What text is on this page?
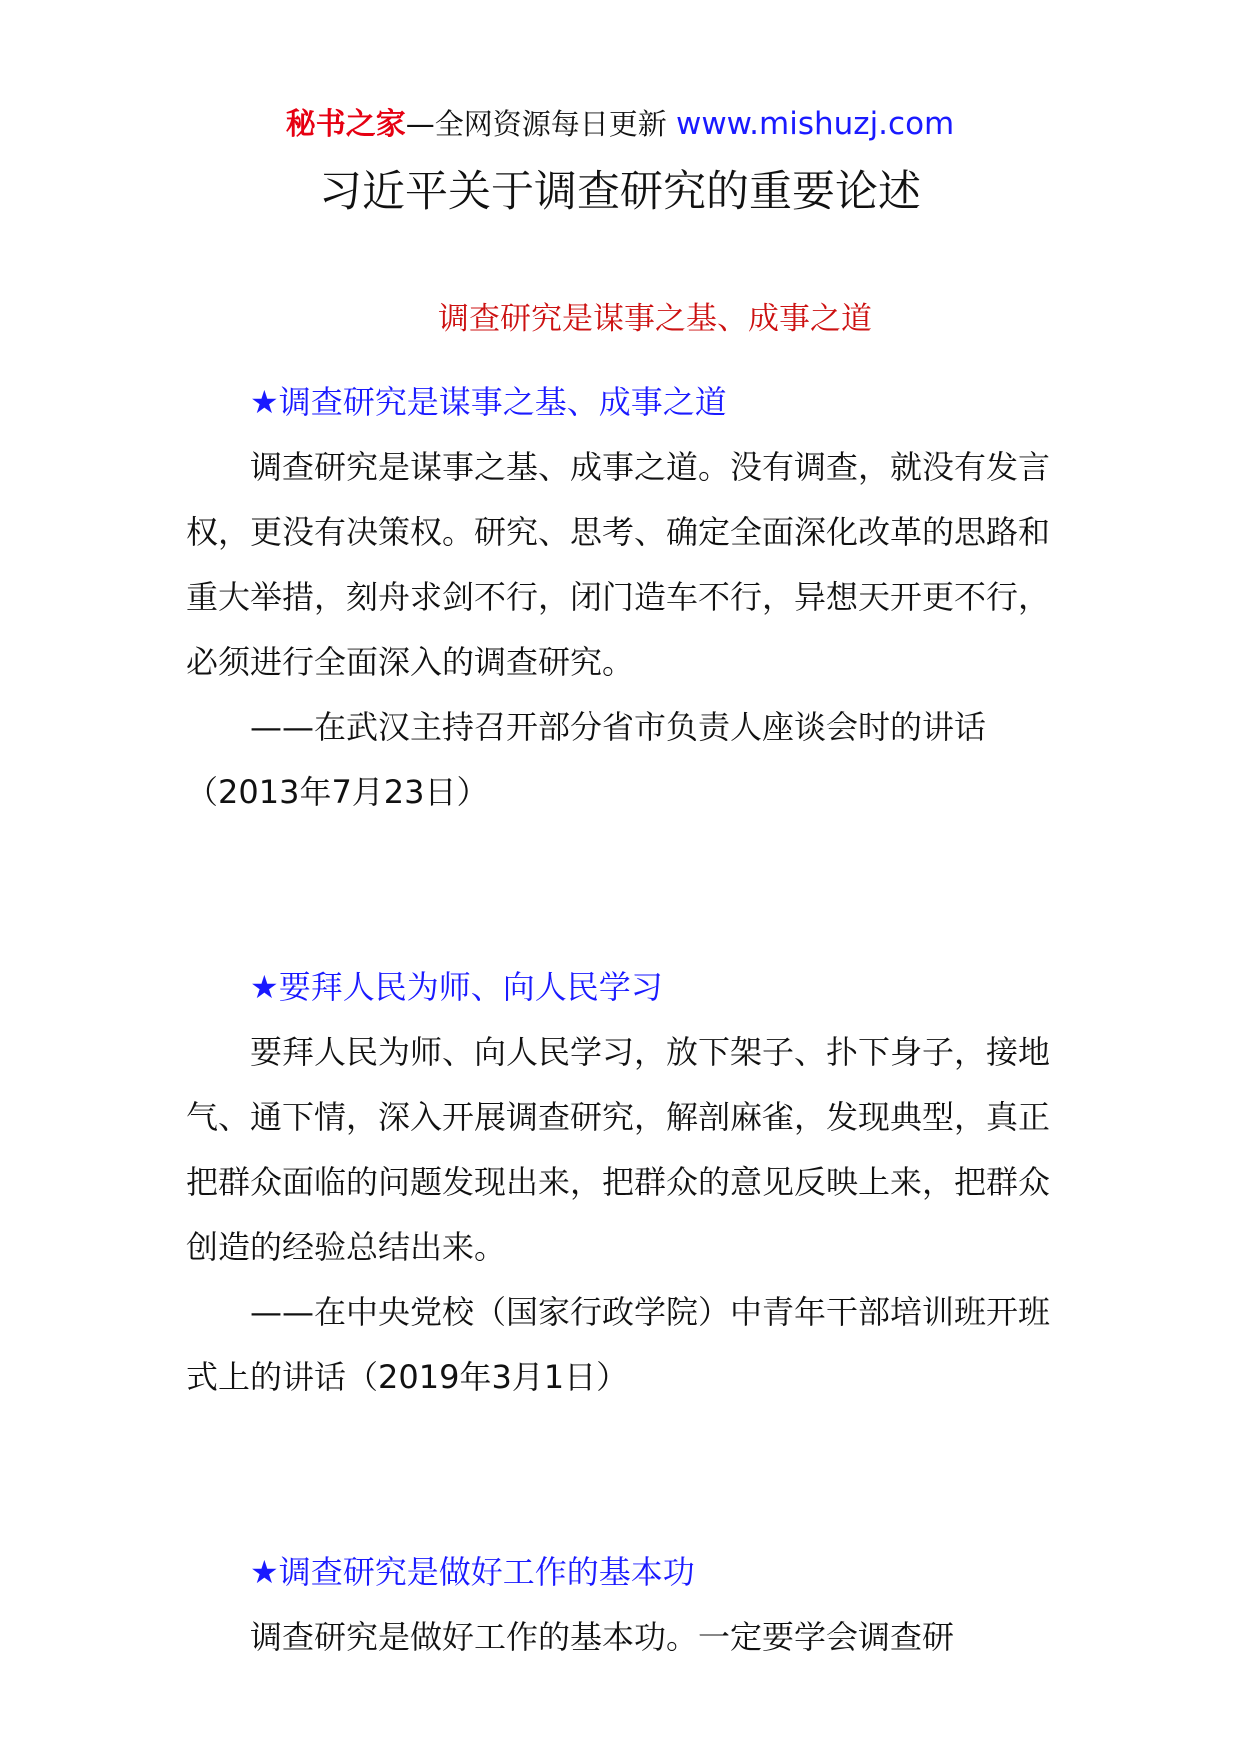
秘书之家—全网资源每日更新 www.mishuzj.com
习近平关于调查研究的重要论述
调查研究是谋事之基、成事之道

★调查研究是谋事之基、成事之道

调查研究是谋事之基、成事之道。没有调查，就没有发言权，更没有决策权。研究、思考、确定全面深化改革的思路和重大举措，刻舟求剑不行，闭门造车不行，异想天开更不行，必须进行全面深入的调查研究。

——在武汉主持召开部分省市负责人座谈会时的讲话（2013年7月23日）

★要拜人民为师、向人民学习

要拜人民为师、向人民学习，放下架子、扑下身子，接地气、通下情，深入开展调查研究，解剖麻雀，发现典型，真正把群众面临的问题发现出来，把群众的意见反映上来，把群众创造的经验总结出来。

——在中央党校（国家行政学院）中青年干部培训班开班式上的讲话（2019年3月1日）

★调查研究是做好工作的基本功

调查研究是做好工作的基本功。一定要学会调查研
